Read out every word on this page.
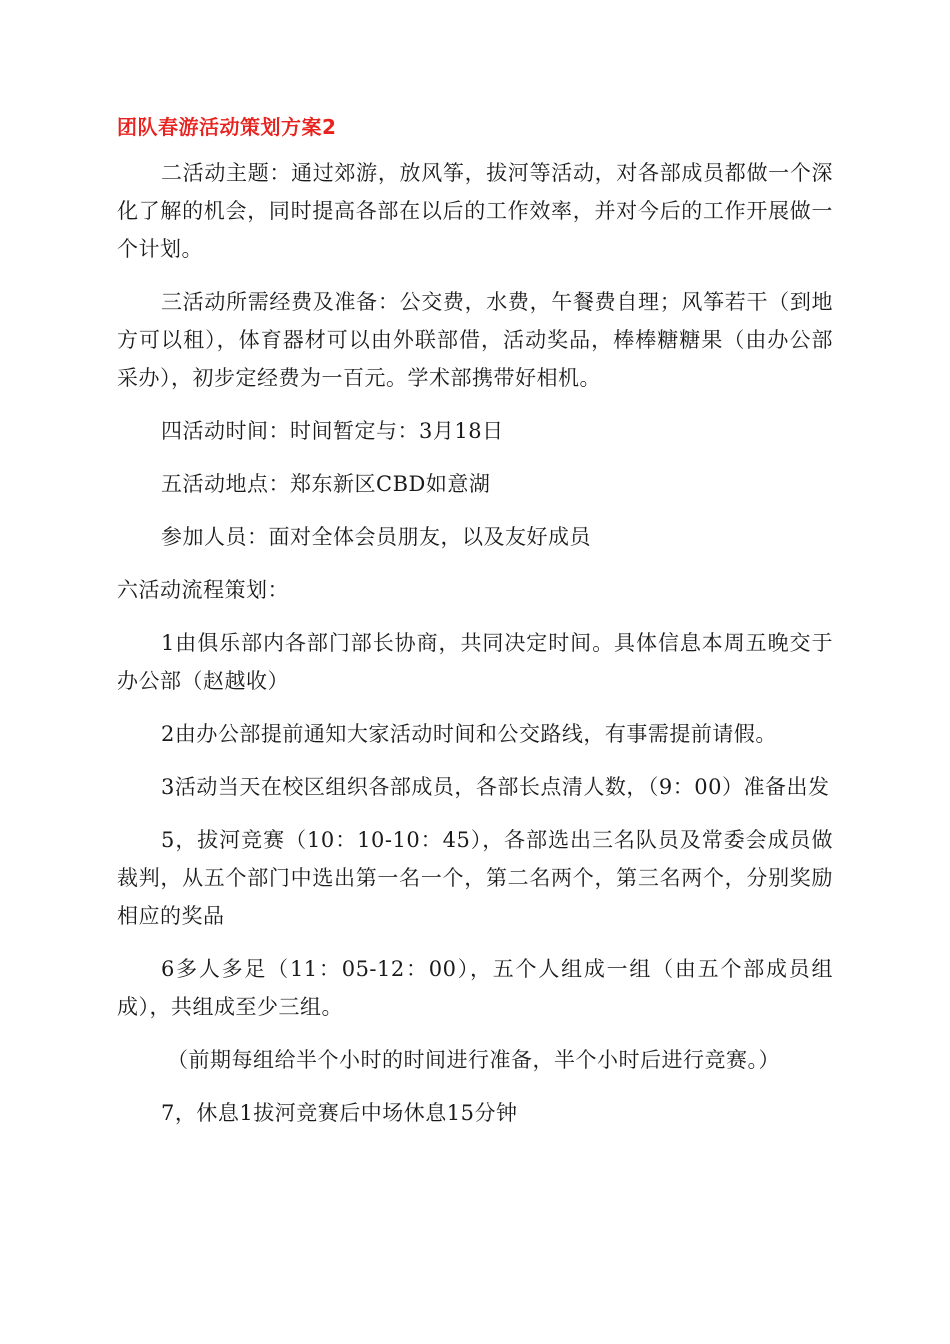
团队春游活动策划方案2

二活动主题：通过郊游，放风筝，拔河等活动，对各部成员都做一个深化了解的机会，同时提高各部在以后的工作效率，并对今后的工作开展做一个计划。

三活动所需经费及准备：公交费，水费，午餐费自理；风筝若干（到地方可以租），体育器材可以由外联部借，活动奖品，棒棒糖糖果（由办公部采办），初步定经费为一百元。学术部携带好相机。

四活动时间：时间暂定与：3月18日

五活动地点：郑东新区CBD如意湖

参加人员：面对全体会员朋友，以及友好成员

六活动流程策划：

1由俱乐部内各部门部长协商，共同决定时间。具体信息本周五晚交于办公部（赵越收）

2由办公部提前通知大家活动时间和公交路线，有事需提前请假。

3活动当天在校区组织各部成员，各部长点清人数，（9：00）准备出发

5，拔河竞赛（10：10-10：45），各部选出三名队员及常委会成员做裁判，从五个部门中选出第一名一个，第二名两个，第三名两个，分别奖励相应的奖品

6多人多足（11：05-12：00），五个人组成一组（由五个部成员组成），共组成至少三组。

（前期每组给半个小时的时间进行准备，半个小时后进行竞赛。）

7，休息1拔河竞赛后中场休息15分钟
